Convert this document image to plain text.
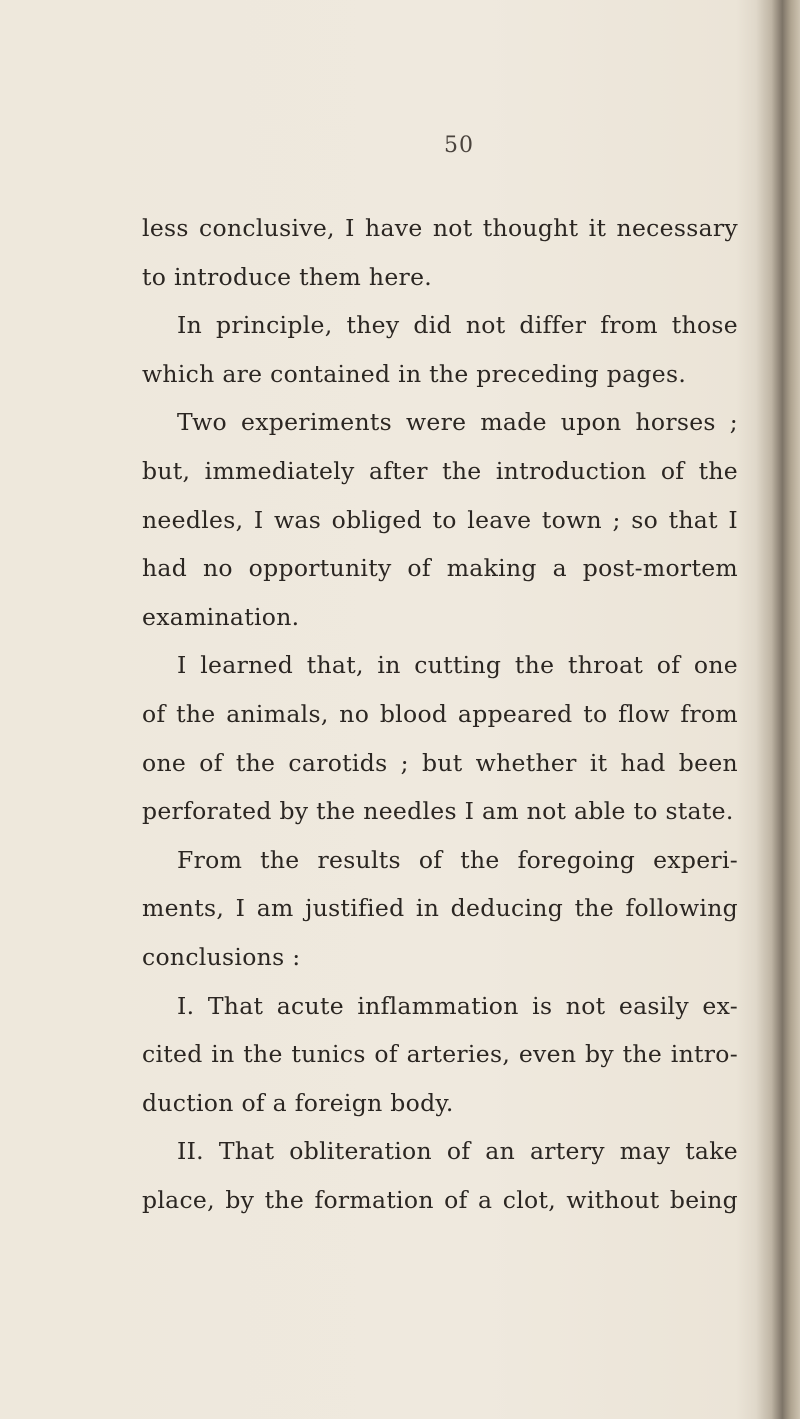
50
less conclusive, I have not thought it necessary
to introduce them here.
In principle, they did not differ from those
which are contained in the preceding pages.
Two experiments were made upon horses ;
but, immediately after the introduction of the
needles, I was obliged to leave town ; so that I
had no opportunity of making a post-mortem
examination.
I learned that, in cutting the throat of one
of the animals, no blood appeared to flow from
one of the carotids ; but whether it had been
perforated by the needles I am not able to state.
From the results of the foregoing experi-
ments, I am justified in deducing the following
conclusions :
I. That acute inflammation is not easily ex-
cited in the tunics of arteries, even by the intro-
duction of a foreign body.
II. That obliteration of an artery may take
place, by the formation of a clot, without being
